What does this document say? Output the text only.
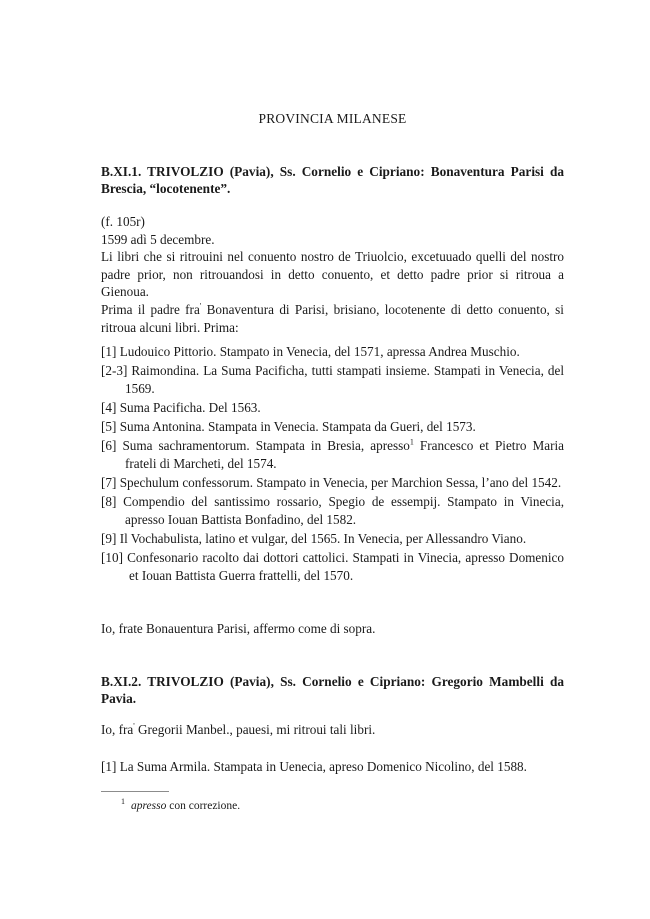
PROVINCIA MILANESE
B.XI.1. TRIVOLZIO (Pavia), Ss. Cornelio e Cipriano: Bonaventura Parisi da Brescia, “locotenente”.

(f. 105r)

1599 adì 5 decembre.

Li libri che si ritrouini nel conuento nostro de Triuolcio, excetuuado quelli del nostro padre prior, non ritrouandosi in detto conuento, et detto padre prior si ritroua a Gienoua.

Prima il padre fra' Bonaventura di Parisi, brisiano, locotenente di detto conuento, si ritroua alcuni libri. Prima:

[1] Ludouico Pittorio. Stampato in Venecia, del 1571, apressa Andrea Muschio.
[2-3] Raimondina. La Suma Pacificha, tutti stampati insieme. Stampati in Venecia, del 1569.
[4] Suma Pacificha. Del 1563.
[5] Suma Antonina. Stampata in Venecia. Stampata da Gueri, del 1573.
[6] Suma sachramentorum. Stampata in Bresia, apresso$^1$ Francesco et Pietro Maria frateli di Marcheti, del 1574.
[7] Spechulum confessorum. Stampato in Venecia, per Marchion Sessa, l’ano del 1542.
[8] Compendio del santissimo rossario, Spegio de essempij. Stampato in Vinecia, apresso Iouan Battista Bonfadino, del 1582.
[9] Il Vochabulista, latino et vulgar, del 1565. In Venecia, per Allessandro Viano.
[10] Confesonario racolto dai dottori cattolici. Stampati in Vinecia, apresso Domenico et Iouan Battista Guerra frattelli, del 1570.
Io, frate Bonauentura Parisi, affermo come di sopra.
B.XI.2. TRIVOLZIO (Pavia), Ss. Cornelio e Cipriano: Gregorio Mambelli da Pavia.
Io, fra' Gregorii Manbel., pauesi, mi ritroui tali libri.
[1] La Suma Armila. Stampata in Uenecia, apreso Domenico Nicolino, del 1588.
$^1$ apresso con correzione.
